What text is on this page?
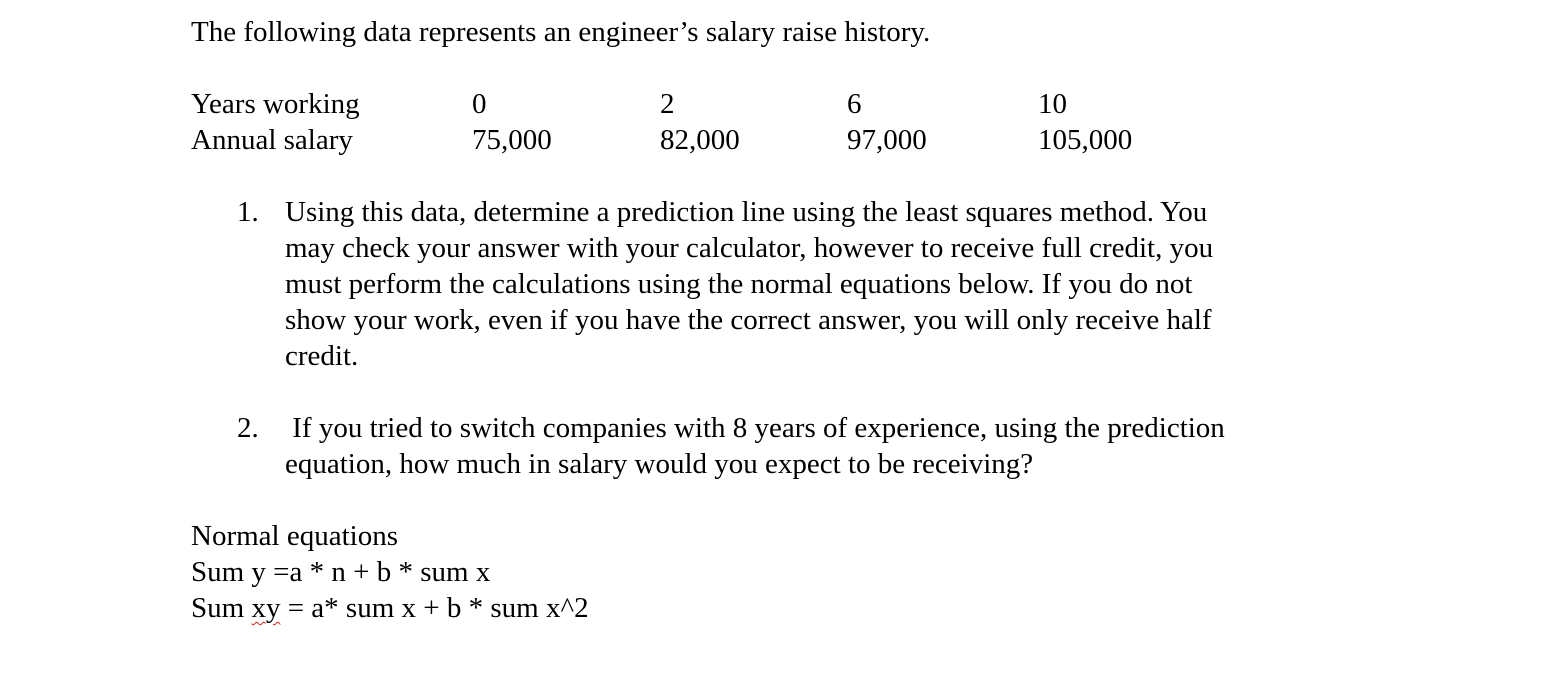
The following data represents an engineer’s salary raise history.
Years working	0	2	6	10
Annual salary	75,000	82,000	97,000	105,000
1. Using this data, determine a prediction line using the least squares method. You
may check your answer with your calculator, however to receive full credit, you
must perform the calculations using the normal equations below. If you do not
show your work, even if you have the correct answer, you will only receive half
credit.
2. If you tried to switch companies with 8 years of experience, using the prediction
equation, how much in salary would you expect to be receiving?
Normal equations
Sum y =a * n + b * sum x
Sum xy = a* sum x + b * sum x^2
